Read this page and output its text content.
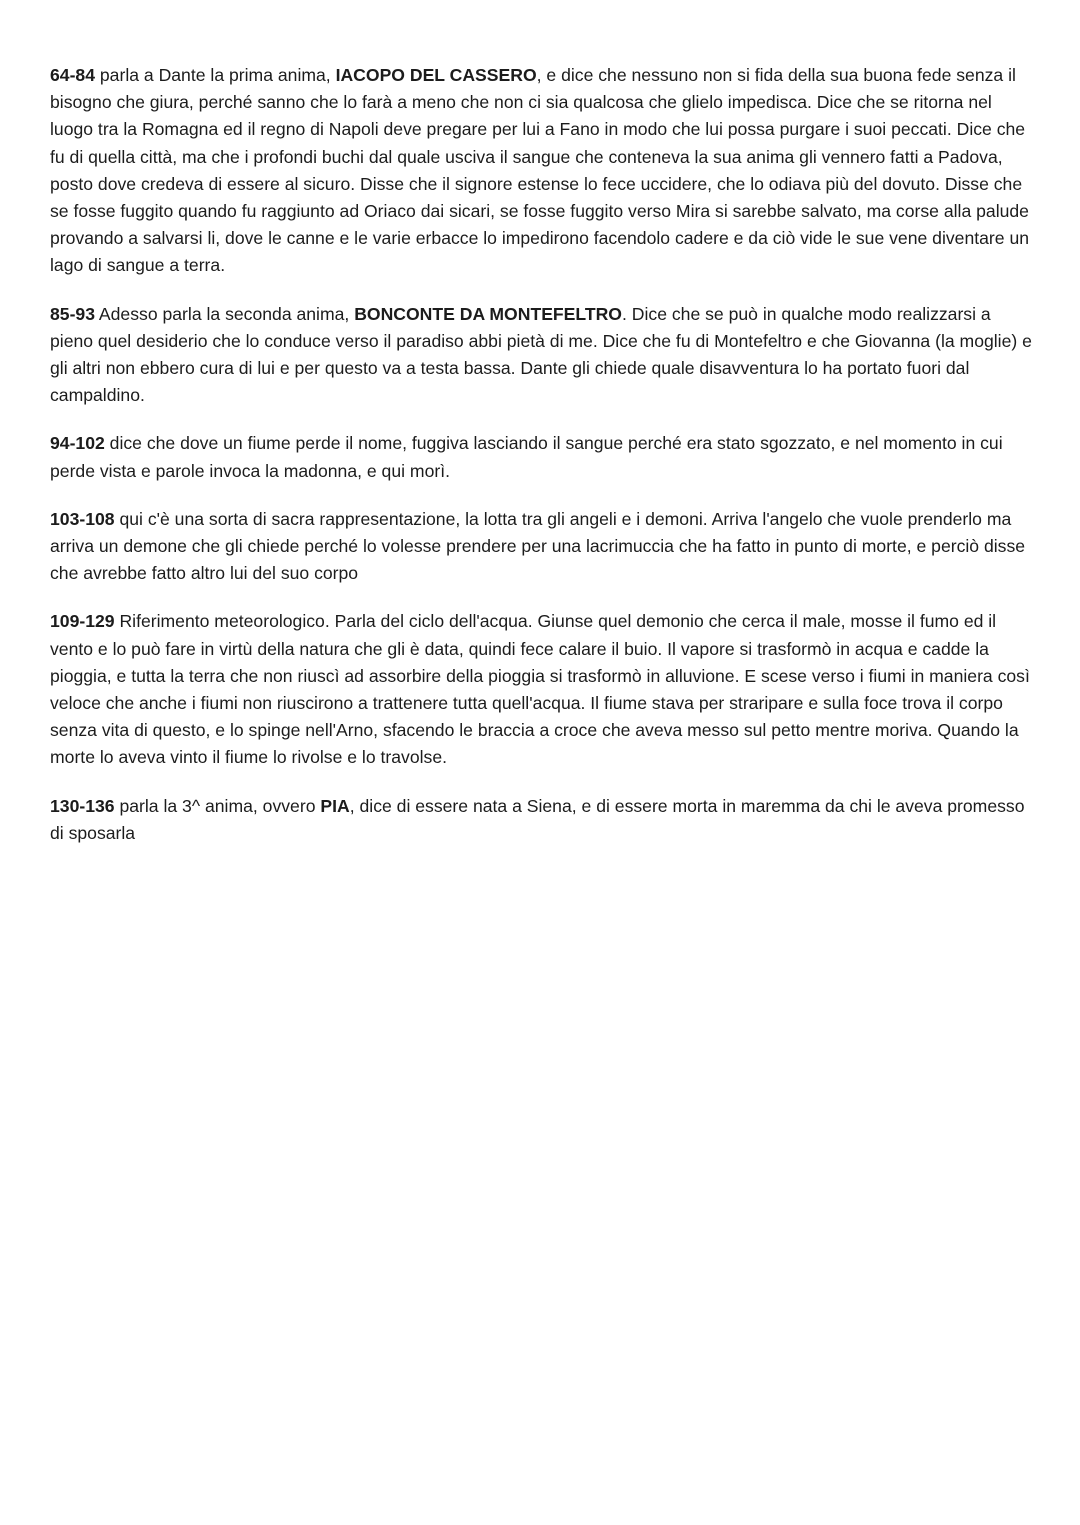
64-84 parla a Dante la prima anima, IACOPO DEL CASSERO, e dice che nessuno non si fida della sua buona fede senza il bisogno che giura, perché sanno che lo farà a meno che non ci sia qualcosa che glielo impedisca. Dice che se ritorna nel luogo tra la Romagna ed il regno di Napoli deve pregare per lui a Fano in modo che lui possa purgare i suoi peccati. Dice che fu di quella città, ma che i profondi buchi dal quale usciva il sangue che conteneva la sua anima gli vennero fatti a Padova, posto dove credeva di essere al sicuro. Disse che il signore estense lo fece uccidere, che lo odiava più del dovuto. Disse che se fosse fuggito quando fu raggiunto ad Oriaco dai sicari, se fosse fuggito verso Mira si sarebbe salvato, ma corse alla palude provando a salvarsi li, dove le canne e le varie erbacce lo impedirono facendolo cadere e da ciò vide le sue vene diventare un lago di sangue a terra.

85-93 Adesso parla la seconda anima, BONCONTE DA MONTEFELTRO. Dice che se può in qualche modo realizzarsi a pieno quel desiderio che lo conduce verso il paradiso abbi pietà di me. Dice che fu di Montefeltro e che Giovanna (la moglie) e gli altri non ebbero cura di lui e per questo va a testa bassa. Dante gli chiede quale disavventura lo ha portato fuori dal campaldino.

94-102 dice che dove un fiume perde il nome, fuggiva lasciando il sangue perché era stato sgozzato, e nel momento in cui perde vista e parole invoca la madonna, e qui morì.

103-108 qui c'è una sorta di sacra rappresentazione, la lotta tra gli angeli e i demoni. Arriva l'angelo che vuole prenderlo ma arriva un demone che gli chiede perché lo volesse prendere per una lacrimuccia che ha fatto in punto di morte, e perciò disse che avrebbe fatto altro lui del suo corpo

109-129 Riferimento meteorologico. Parla del ciclo dell'acqua. Giunse quel demonio che cerca il male, mosse il fumo ed il vento e lo può fare in virtù della natura che gli è data, quindi fece calare il buio. Il vapore si trasformò in acqua e cadde la pioggia, e tutta la terra che non riuscì ad assorbire della pioggia si trasformò in alluvione. E scese verso i fiumi in maniera così veloce che anche i fiumi non riuscirono a trattenere tutta quell'acqua. Il fiume stava per straripare e sulla foce trova il corpo senza vita di questo, e lo spinge nell'Arno, sfacendo le braccia a croce che aveva messo sul petto mentre moriva. Quando la morte lo aveva vinto il fiume lo rivolse e lo travolse.

130-136 parla la 3^ anima, ovvero PIA, dice di essere nata a Siena, e di essere morta in maremma da chi le aveva promesso di sposarla
